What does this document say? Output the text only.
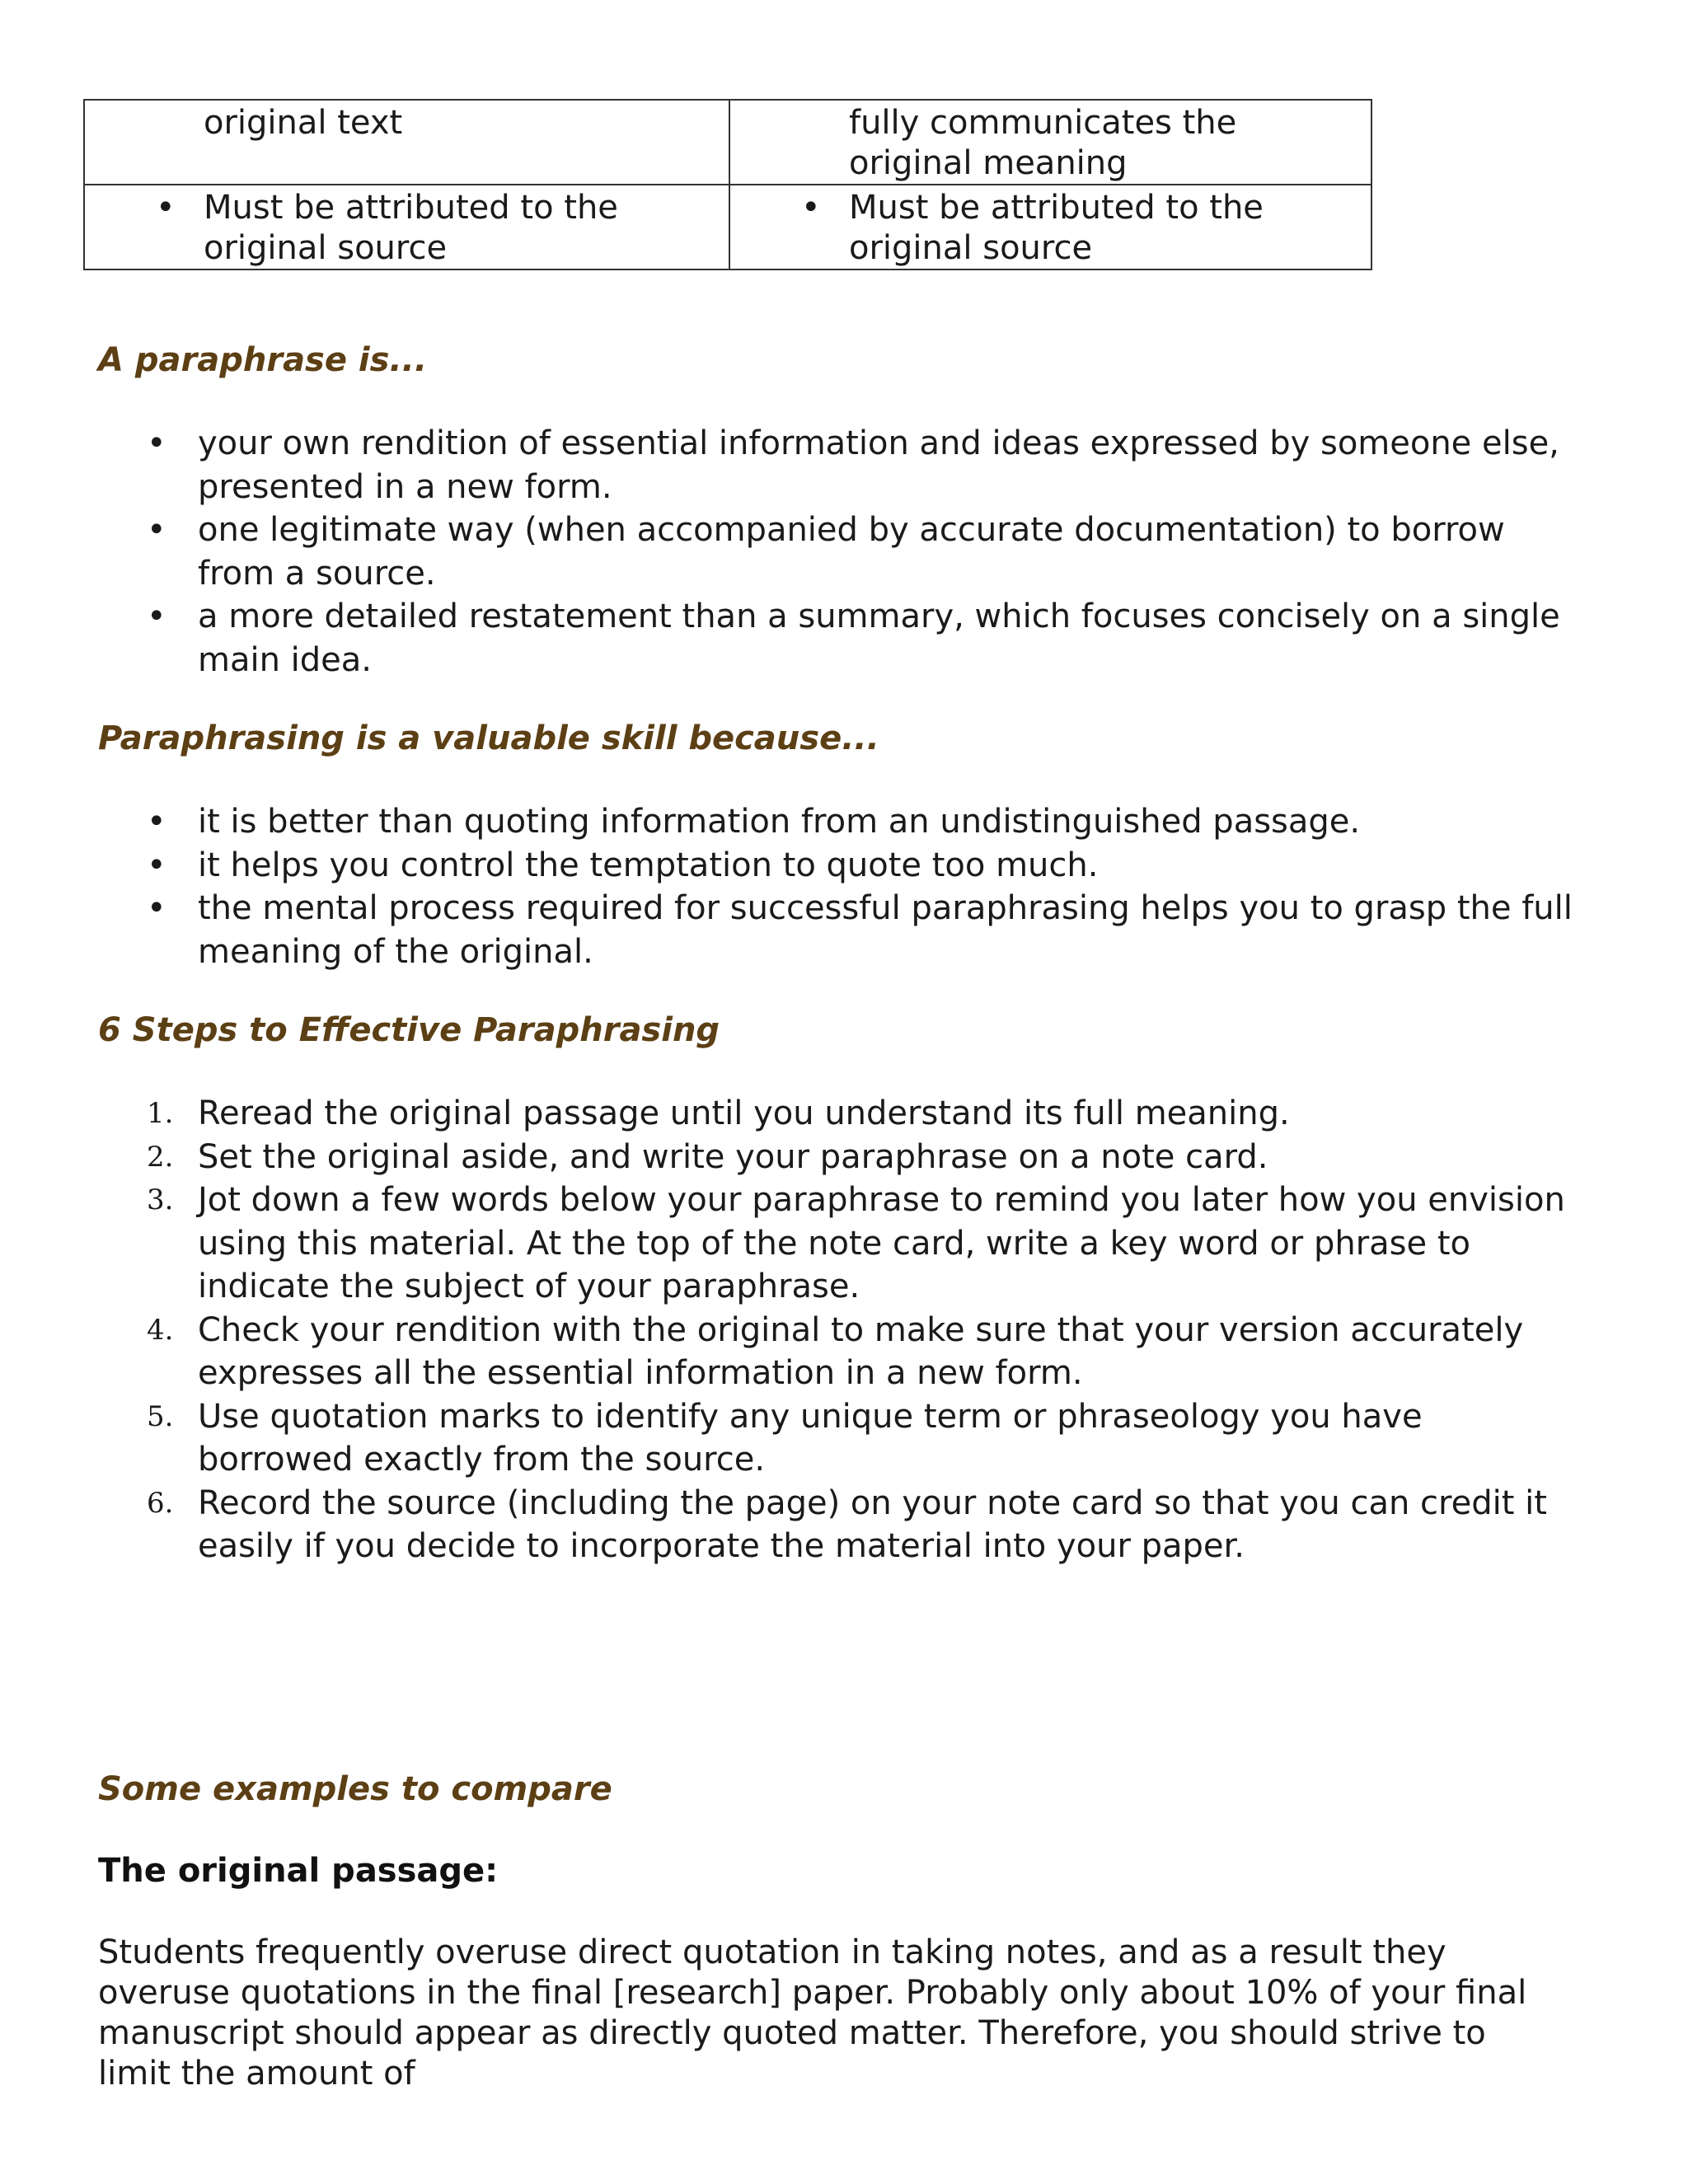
original text	fully communicates the original meaning

• Must be attributed to the original source	• Must be attributed to the original source
A paraphrase is...
• your own rendition of essential information and ideas expressed by someone else, presented in a new form.
• one legitimate way (when accompanied by accurate documentation) to borrow from a source.
• a more detailed restatement than a summary, which focuses concisely on a single main idea.
Paraphrasing is a valuable skill because...
• it is better than quoting information from an undistinguished passage.
• it helps you control the temptation to quote too much.
• the mental process required for successful paraphrasing helps you to grasp the full meaning of the original.
6 Steps to Effective Paraphrasing
1. Reread the original passage until you understand its full meaning.
2. Set the original aside, and write your paraphrase on a note card.
3. Jot down a few words below your paraphrase to remind you later how you envision using this material. At the top of the note card, write a key word or phrase to indicate the subject of your paraphrase.
4. Check your rendition with the original to make sure that your version accurately expresses all the essential information in a new form.
5. Use quotation marks to identify any unique term or phraseology you have borrowed exactly from the source.
6. Record the source (including the page) on your note card so that you can credit it easily if you decide to incorporate the material into your paper.
Some examples to compare
The original passage:

Students frequently overuse direct quotation in taking notes, and as a result they overuse quotations in the final [research] paper. Probably only about 10% of your final manuscript should appear as directly quoted matter. Therefore, you should strive to limit the amount of
